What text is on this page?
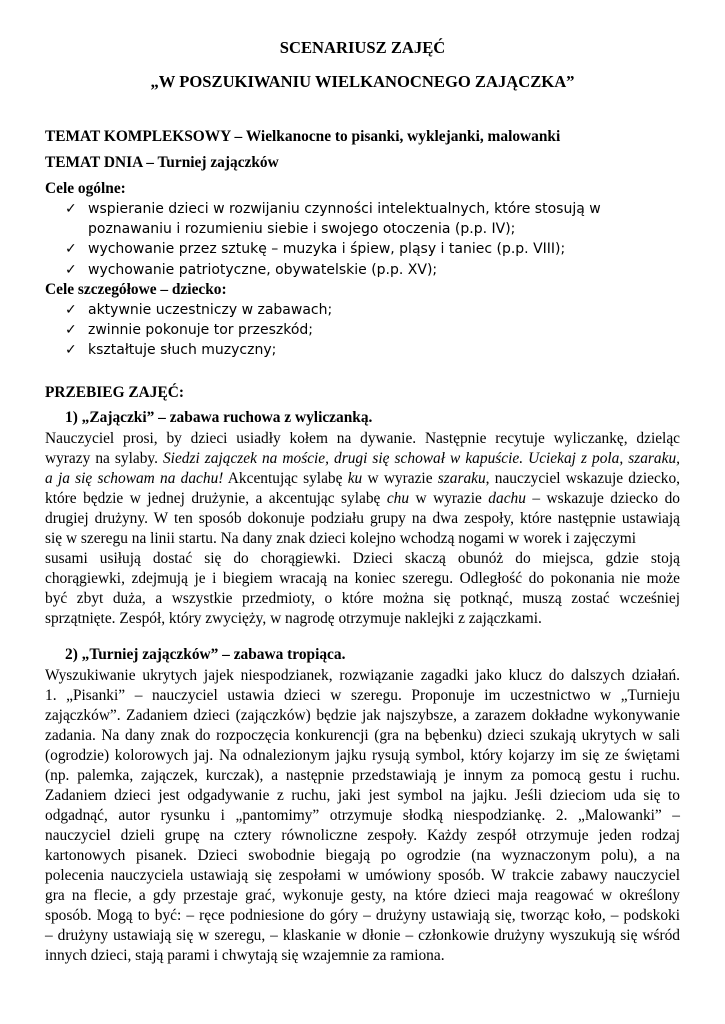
SCENARIUSZ ZAJĘĆ
„W POSZUKIWANIU WIELKANOCNEGO ZAJĄCZKA”
TEMAT KOMPLEKSOWY – Wielkanocne to pisanki, wyklejanki, malowanki
TEMAT DNIA – Turniej zajączków
Cele ogólne:
✓ wspieranie dzieci w rozwijaniu czynności intelektualnych, które stosują w
poznawaniu i rozumieniu siebie i swojego otoczenia (p.p. IV);
✓ wychowanie przez sztukę – muzyka i śpiew, pląsy i taniec (p.p. VIII);
✓ wychowanie patriotyczne, obywatelskie (p.p. XV);
Cele szczegółowe – dziecko:
✓ aktywnie uczestniczy w zabawach;
✓ zwinnie pokonuje tor przeszkód;
✓ kształtuje słuch muzyczny;
PRZEBIEG ZAJĘĆ:
1) „Zajączki” – zabawa ruchowa z wyliczanką.
Nauczyciel prosi, by dzieci usiadły kołem na dywanie. Następnie recytuje wyliczankę, dzieląc
wyrazy na sylaby. Siedzi zajączek na moście, drugi się schował w kapuście. Uciekaj z pola, szaraku,
a ja się schowam na dachu! Akcentując sylabę ku w wyrazie szaraku, nauczyciel wskazuje dziecko,
które będzie w jednej drużynie, a akcentując sylabę chu w wyrazie dachu – wskazuje dziecko do
drugiej drużyny. W ten sposób dokonuje podziału grupy na dwa zespoły, które następnie ustawiają
się w szeregu na linii startu. Na dany znak dzieci kolejno wchodzą nogami w worek i zajęczymi
susami usiłują dostać się do chorągiewki. Dzieci skaczą obunóż do miejsca, gdzie stoją
chorągiewki, zdejmują je i biegiem wracają na koniec szeregu. Odległość do pokonania nie może
być zbyt duża, a wszystkie przedmioty, o które można się potknąć, muszą zostać wcześniej
sprzątnięte. Zespół, który zwycięży, w nagrodę otrzymuje naklejki z zajączkami.
2) „Turniej zajączków” – zabawa tropiąca.
Wyszukiwanie ukrytych jajek niespodzianek, rozwiązanie zagadki jako klucz do dalszych działań.
1. „Pisanki” – nauczyciel ustawia dzieci w szeregu. Proponuje im uczestnictwo w „Turnieju
zajączków”. Zadaniem dzieci (zajączków) będzie jak najszybsze, a zarazem dokładne wykonywanie
zadania. Na dany znak do rozpoczęcia konkurencji (gra na bębenku) dzieci szukają ukrytych w sali
(ogrodzie) kolorowych jaj. Na odnalezionym jajku rysują symbol, który kojarzy im się ze świętami
(np. palemka, zajączek, kurczak), a następnie przedstawiają je innym za pomocą gestu i ruchu.
Zadaniem dzieci jest odgadywanie z ruchu, jaki jest symbol na jajku. Jeśli dzieciom uda się to
odgadnąć, autor rysunku i „pantomimy” otrzymuje słodką niespodziankę. 2. „Malowanki” –
nauczyciel dzieli grupę na cztery równoliczne zespoły. Każdy zespół otrzymuje jeden rodzaj
kartonowych pisanek. Dzieci swobodnie biegają po ogrodzie (na wyznaczonym polu), a na
polecenia nauczyciela ustawiają się zespołami w umówiony sposób. W trakcie zabawy nauczyciel
gra na flecie, a gdy przestaje grać, wykonuje gesty, na które dzieci maja reagować w określony
sposób. Mogą to być: – ręce podniesione do góry – drużyny ustawiają się, tworząc koło, – podskoki
– drużyny ustawiają się w szeregu, – klaskanie w dłonie – członkowie drużyny wyszukują się wśród
innych dzieci, stają parami i chwytają się wzajemnie za ramiona.
